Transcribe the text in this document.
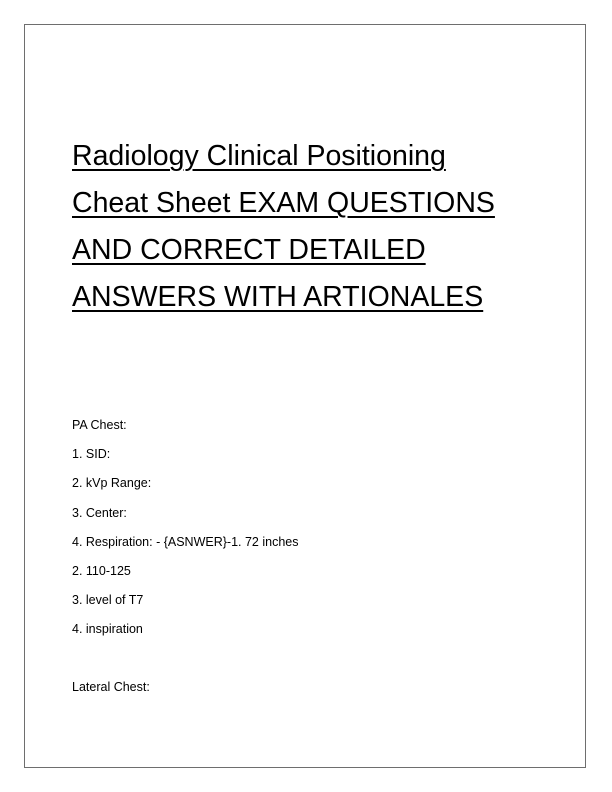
Radiology Clinical Positioning
Cheat Sheet EXAM QUESTIONS
AND CORRECT DETAILED
ANSWERS WITH ARTIONALES
PA Chest:
1. SID:
2. kVp Range:
3. Center:
4. Respiration: - {ASNWER}-1. 72 inches
2. 110-125
3. level of T7
4. inspiration
Lateral Chest:
